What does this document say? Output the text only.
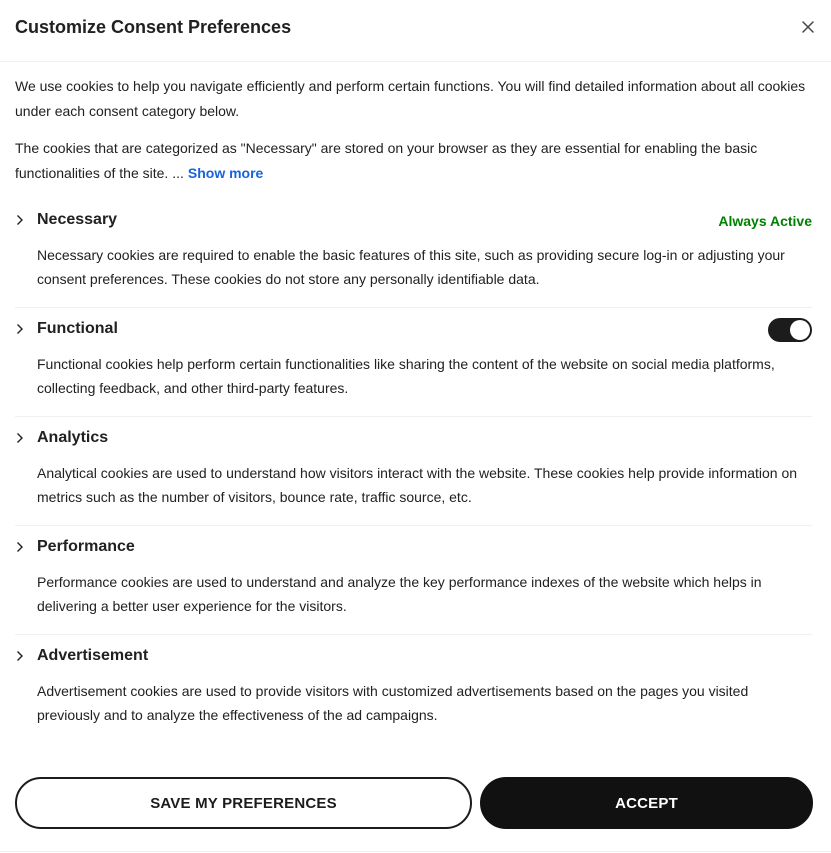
Customize Consent Preferences

We use cookies to help you navigate efficiently and perform certain functions. You will find detailed information about all cookies under each consent category below.

The cookies that are categorized as "Necessary" are stored on your browser as they are essential for enabling the basic functionalities of the site. ... Show more

Necessary	Always Active
Necessary cookies are required to enable the basic features of this site, such as providing secure log-in or adjusting your consent preferences. These cookies do not store any personally identifiable data.
Functional
Functional cookies help perform certain functionalities like sharing the content of the website on social media platforms, collecting feedback, and other third-party features.
Analytics
Analytical cookies are used to understand how visitors interact with the website. These cookies help provide information on metrics such as the number of visitors, bounce rate, traffic source, etc.
Performance
Performance cookies are used to understand and analyze the key performance indexes of the website which helps in delivering a better user experience for the visitors.
Advertisement
Advertisement cookies are used to provide visitors with customized advertisements based on the pages you visited previously and to analyze the effectiveness of the ad campaigns.
SAVE MY PREFERENCES	ACCEPT
